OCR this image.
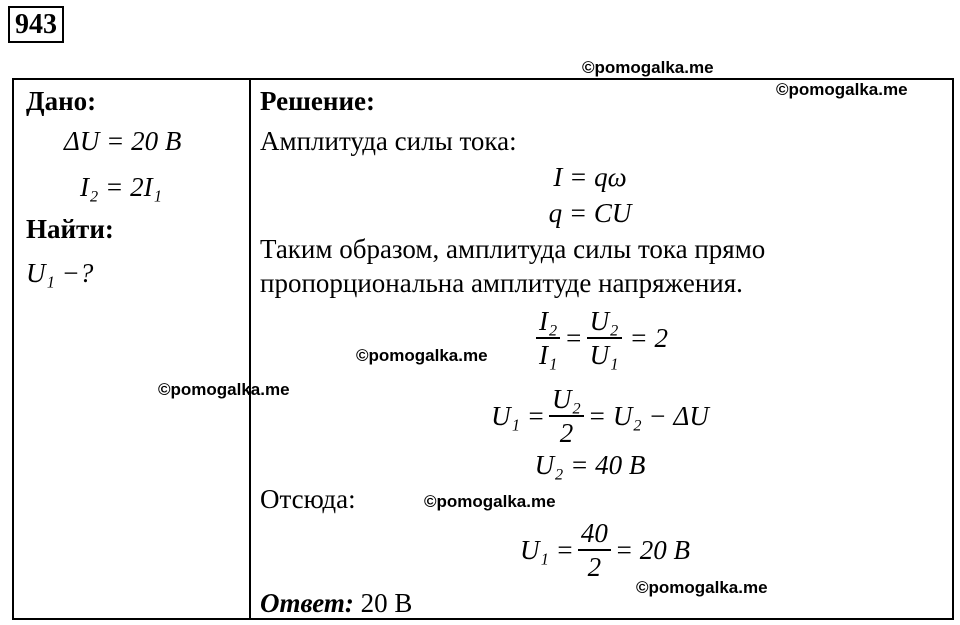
943
Дано:
ΔU = 20 В
I₂ = 2I₁
Найти:
U₁ −?
Решение:
Амплитуда силы тока:
I = qω
q = CU
Таким образом, амплитуда силы тока прямо
пропорциональна амплитуде напряжения.
$\frac{\text{I₂}}{\text{I₁}} = \frac{\text{U₂}}{\text{U₁}} = 2$
$U_1 = \frac{\text{U₂}}{2} = U_2 - \Delta U$
U₂ = 40 В
Отсюда:
$U_1 = \frac{40}{2} = 20$ В
Ответ: 20 В
©pomogalka.me
©pomogalka.me
©pomogalka.me
©pomogalka.me
©pomogalka.me
©pomogalka.me
